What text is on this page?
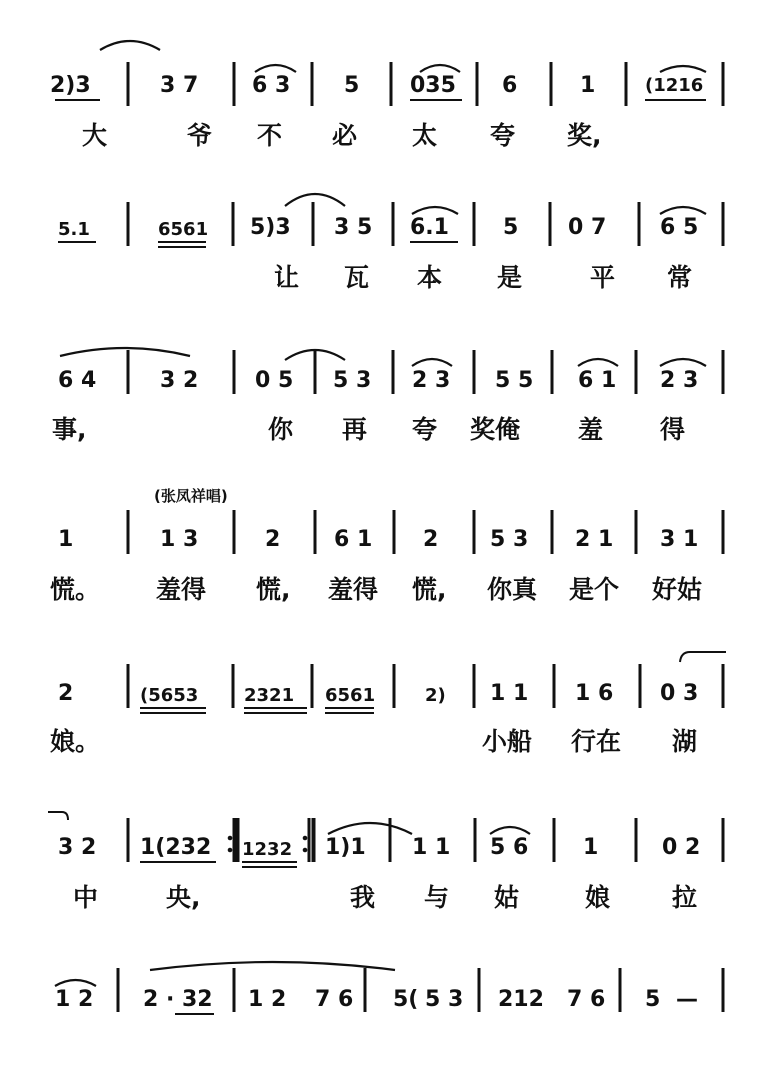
2)3	3 7 6 3 5 035 6	1	(1216
大	爷 不 必 太 夸 奖,
5.1	6561 5)3 3 5 6.1 5 0 7 6 5
让 瓦 本 是	平 常
6 4	3 2	0 5 5 3 2 3 5 5 6 1 2 3
事,	你 再 夸 奖俺 羞 得
(张凤祥唱)
1	1 3	2 6 1 2 5 3 2 1 3 1
慌。 羞得 慌, 羞得 慌, 你真 是个 好姑
2	(5653	2321 6561	2) 1 1 1 6 0 3
娘。	小船 行在 湖
3 2 1(232 1232 1)1 1 1 5 6 1	0 2
中	央,	我 与 姑	娘 拉
1 2 2 · 32 1 2 7 6 5( 5 3 212 7 6 5 —
